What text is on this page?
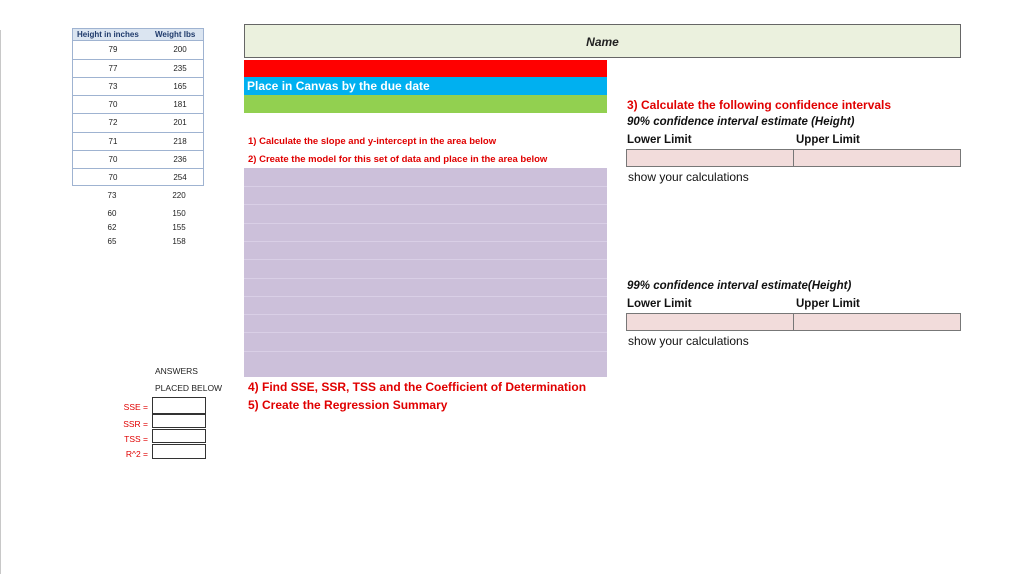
Height in inches Weight lbs
79	200
77	235
73	165
70	181
72	201
71	218
70	236
70	254
73	220
60	150
62	155
65	158
Name
Place in Canvas by the due date
1) Calculate the slope and y-intercept in the area below
2) Create the model for this set of data and place in the area below
4) Find SSE, SSR, TSS and the Coefficient of Determination
5) Create the Regression Summary
3) Calculate the following confidence intervals
90% confidence interval estimate (Height)
Lower Limit	Upper Limit
show your calculations
99% confidence interval estimate(Height)
Lower Limit	Upper Limit
show your calculations
ANSWERS
PLACED BELOW
SSE =
SSR =
TSS =
R^2 =
